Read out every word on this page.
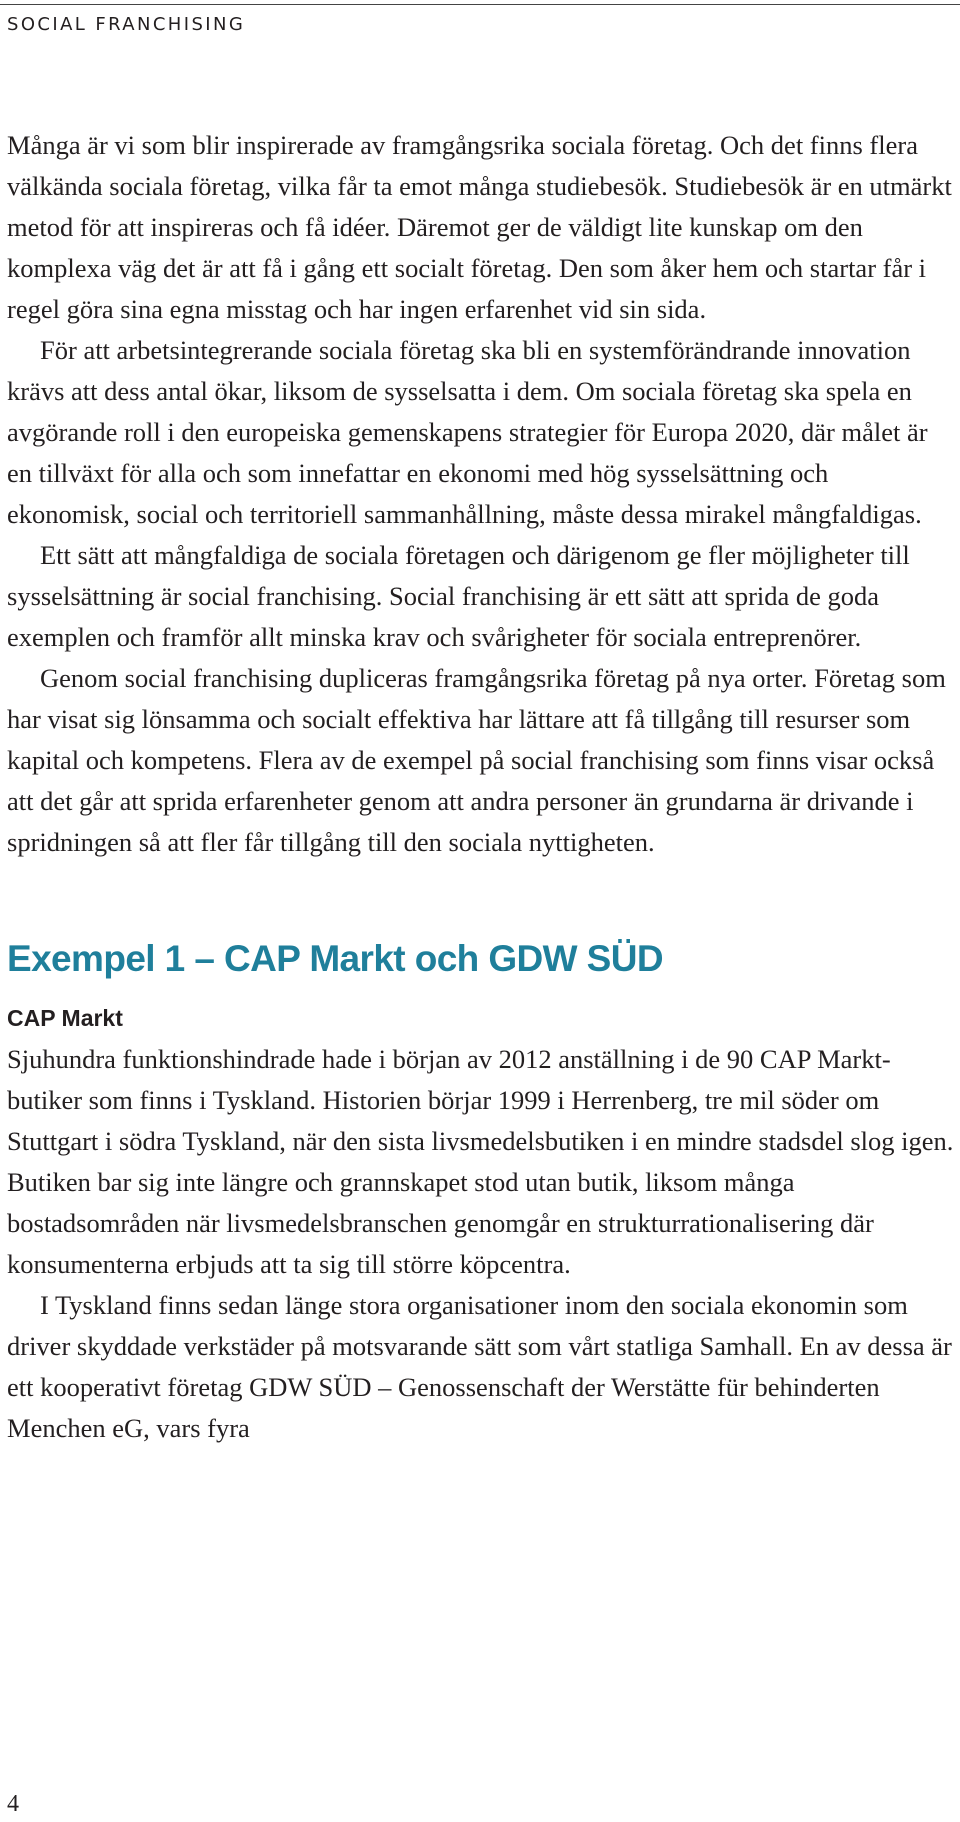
SOCIAL FRANCHISING

Många är vi som blir inspirerade av framgångsrika sociala företag. Och det finns flera välkända sociala företag, vilka får ta emot många studiebesök. Studiebesök är en utmärkt metod för att inspireras och få idéer. Däremot ger de väldigt lite kunskap om den komplexa väg det är att få i gång ett socialt företag. Den som åker hem och startar får i regel göra sina egna misstag och har ingen erfarenhet vid sin sida.

För att arbetsintegrerande sociala företag ska bli en systemförändrande innovation krävs att dess antal ökar, liksom de sysselsatta i dem. Om sociala företag ska spela en avgörande roll i den europeiska gemenskapens strategier för Europa 2020, där målet är en tillväxt för alla och som innefattar en ekonomi med hög sysselsättning och ekonomisk, social och territoriell sammanhållning, måste dessa mirakel mångfaldigas.

Ett sätt att mångfaldiga de sociala företagen och därigenom ge fler möjligheter till sysselsättning är social franchising. Social franchising är ett sätt att sprida de goda exemplen och framför allt minska krav och svårigheter för sociala entreprenörer.

Genom social franchising dupliceras framgångsrika företag på nya orter. Företag som har visat sig lönsamma och socialt effektiva har lättare att få tillgång till resurser som kapital och kompetens. Flera av de exempel på social franchising som finns visar också att det går att sprida erfarenheter genom att andra personer än grundarna är drivande i spridningen så att fler får tillgång till den sociala nyttigheten.

Exempel 1 – CAP Markt och GDW SÜD
CAP Markt

Sjuhundra funktionshindrade hade i början av 2012 anställning i de 90 CAP Markt-butiker som finns i Tyskland. Historien börjar 1999 i Herrenberg, tre mil söder om Stuttgart i södra Tyskland, när den sista livsmedelsbutiken i en mindre stadsdel slog igen. Butiken bar sig inte längre och grannskapet stod utan butik, liksom många bostadsområden när livsmedelsbranschen genomgår en strukturrationalisering där konsumenterna erbjuds att ta sig till större köpcentra.

I Tyskland finns sedan länge stora organisationer inom den sociala ekonomin som driver skyddade verkstäder på motsvarande sätt som vårt statliga Samhall. En av dessa är ett kooperativt företag GDW SÜD – Genossenschaft der Werstätte für behinderten Menchen eG, vars fyra

4
